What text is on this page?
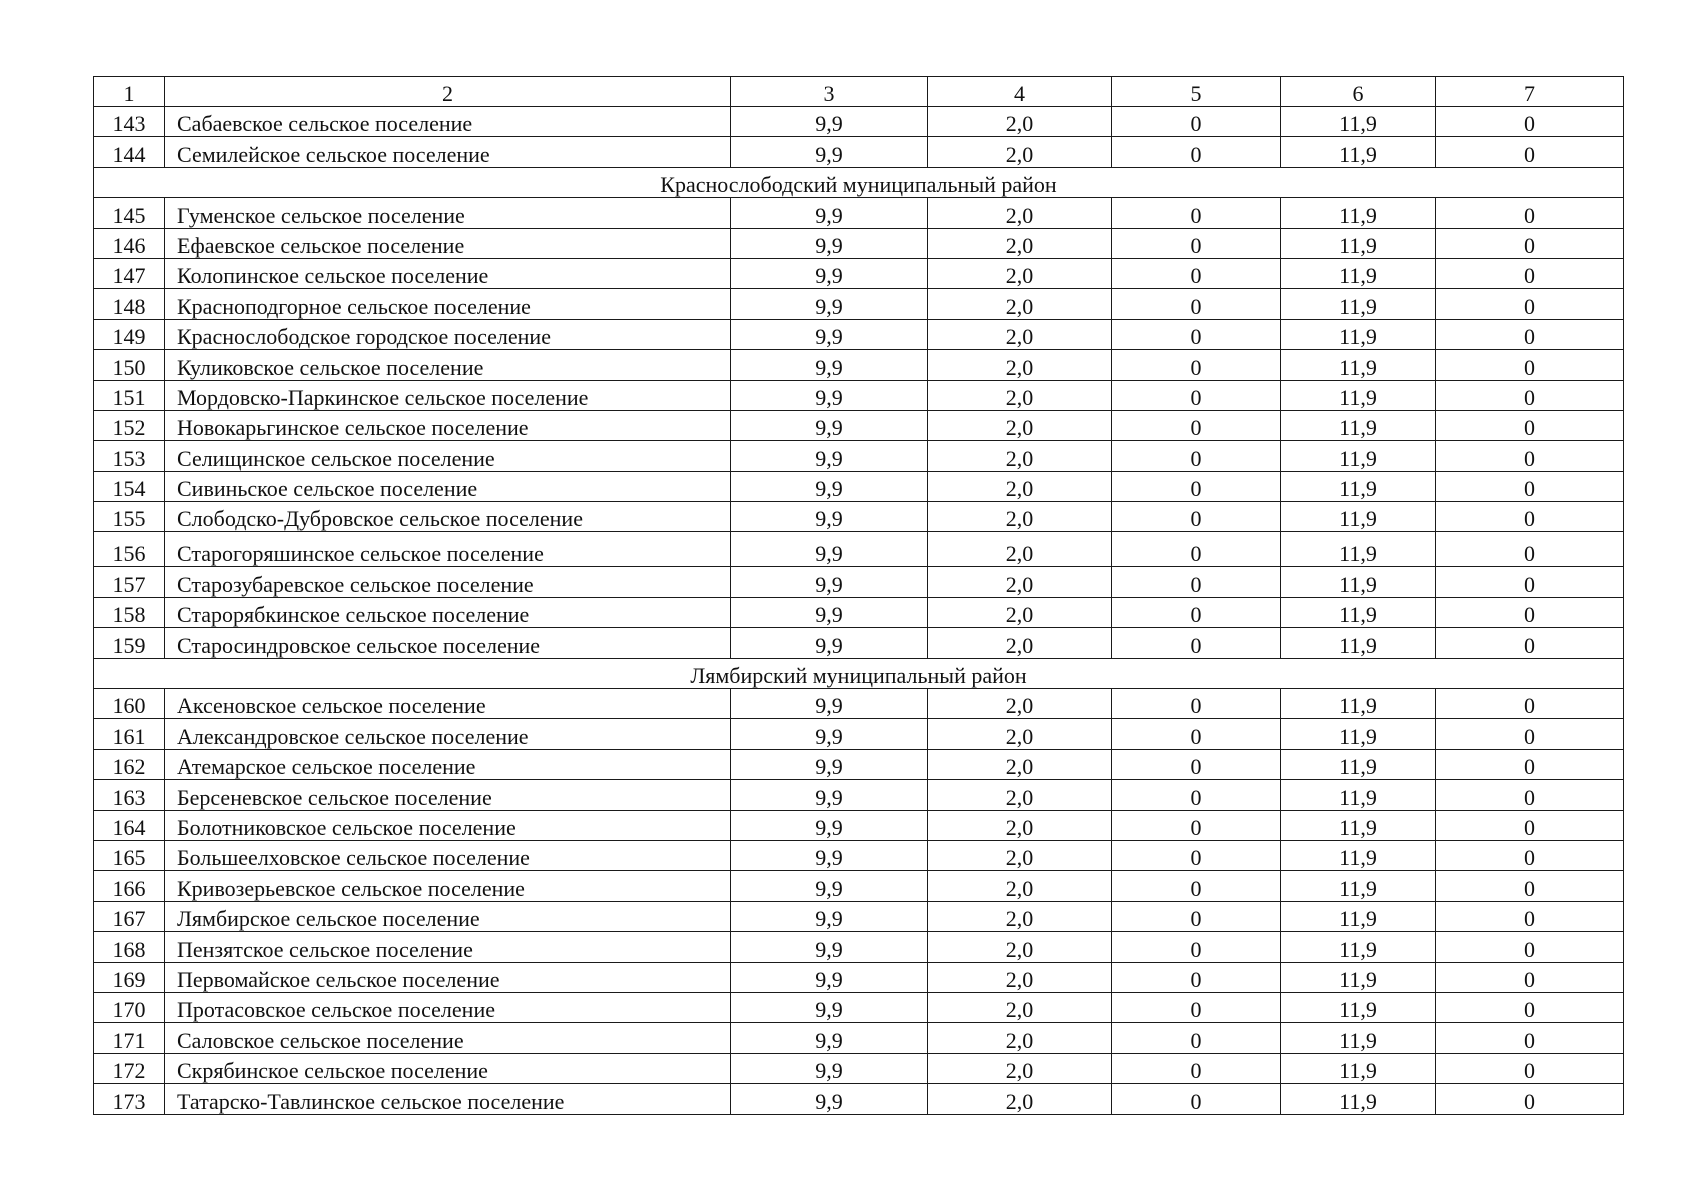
1	2	3	4	5	6	7
143	Сабаевское сельское поселение	9,9	2,0	0	11,9	0
144	Семилейское сельское поселение	9,9	2,0	0	11,9	0
Краснослободский муниципальный район						
145	Гуменское сельское поселение	9,9	2,0	0	11,9	0
146	Ефаевское сельское поселение	9,9	2,0	0	11,9	0
147	Колопинское сельское поселение	9,9	2,0	0	11,9	0
148	Красноподгорное сельское поселение	9,9	2,0	0	11,9	0
149	Краснослободское городское поселение	9,9	2,0	0	11,9	0
150	Куликовское сельское поселение	9,9	2,0	0	11,9	0
151	Мордовско-Паркинское сельское поселение	9,9	2,0	0	11,9	0
152	Новокарьгинское сельское поселение	9,9	2,0	0	11,9	0
153	Селищинское сельское поселение	9,9	2,0	0	11,9	0
154	Сивиньское сельское поселение	9,9	2,0	0	11,9	0
155	Слободско-Дубровское сельское поселение	9,9	2,0	0	11,9	0
156	Старогоряшинское сельское поселение	9,9	2,0	0	11,9	0
157	Старозубаревское сельское поселение	9,9	2,0	0	11,9	0
158	Старорябкинское сельское поселение	9,9	2,0	0	11,9	0
159	Старосиндровское сельское поселение	9,9	2,0	0	11,9	0
Лямбирский муниципальный район						
160	Аксеновское сельское поселение	9,9	2,0	0	11,9	0
161	Александровское сельское поселение	9,9	2,0	0	11,9	0
162	Атемарское сельское поселение	9,9	2,0	0	11,9	0
163	Берсеневское сельское поселение	9,9	2,0	0	11,9	0
164	Болотниковское сельское поселение	9,9	2,0	0	11,9	0
165	Большеелховское сельское поселение	9,9	2,0	0	11,9	0
166	Кривозерьевское сельское поселение	9,9	2,0	0	11,9	0
167	Лямбирское сельское поселение	9,9	2,0	0	11,9	0
168	Пензятское сельское поселение	9,9	2,0	0	11,9	0
169	Первомайское сельское поселение	9,9	2,0	0	11,9	0
170	Протасовское сельское поселение	9,9	2,0	0	11,9	0
171	Саловское сельское поселение	9,9	2,0	0	11,9	0
172	Скрябинское сельское поселение	9,9	2,0	0	11,9	0
173	Татарско-Тавлинское сельское поселение	9,9	2,0	0	11,9	0
